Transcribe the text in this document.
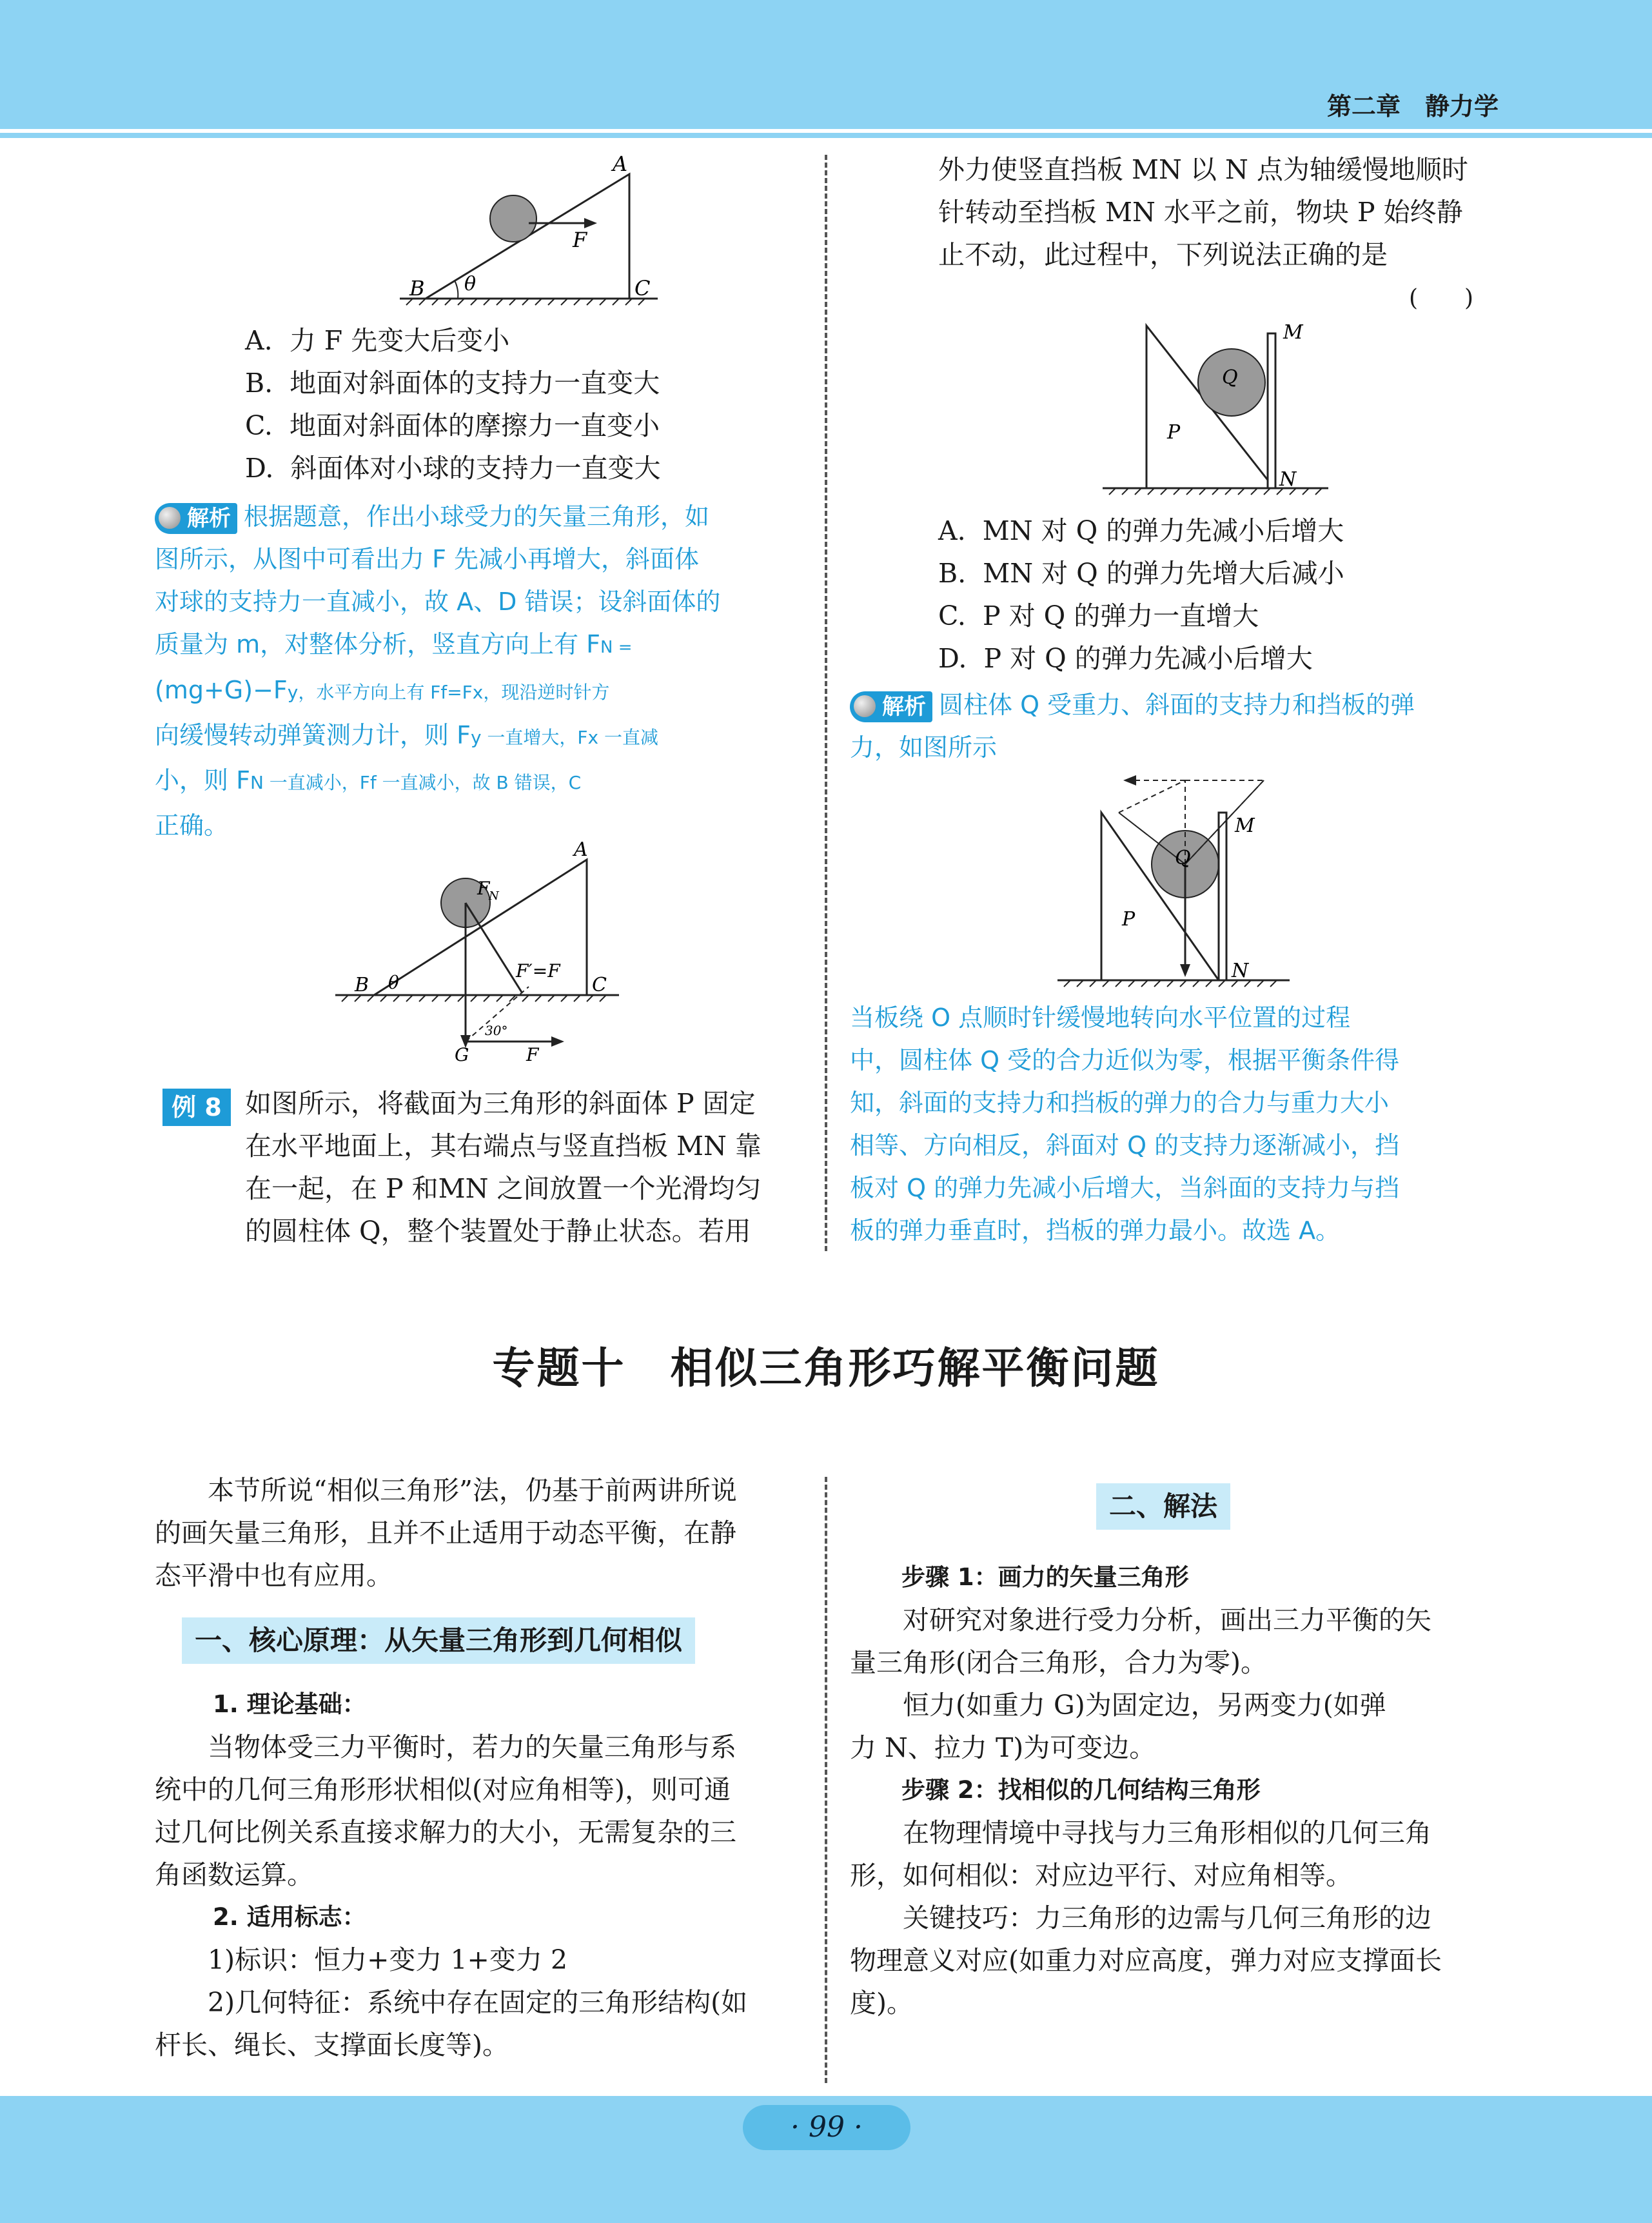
第二章　静力学
· 99 ·
A
B	C
F
θ
A.  力 F 先变大后变小
B.  地面对斜面体的支持力一直变大
C.  地面对斜面体的摩擦力一直变小
D.  斜面体对小球的支持力一直变大
解析 根据题意，作出小球受力的矢量三角形，如
图所示，从图中可看出力 F 先减小再增大，斜面体
对球的支持力一直减小，故 A、D 错误；设斜面体的
质量为 m，对整体分析，竖直方向上有 FN =
(mg+G)−Fy，水平方向上有 Ff=Fx，现沿逆时针方
向缓慢转动弹簧测力计，则 Fy 一直增大，Fx 一直减
小，则 FN 一直减小，Ff 一直减小，故 B 错误，C
正确。
F
N
A
B	C
θ
F′=F
G	F
30°
例 8 如图所示，将截面为三角形的斜面体 P 固定
在水平地面上，其右端点与竖直挡板 MN 靠
在一起，在 P 和MN 之间放置一个光滑均匀
的圆柱体 Q，整个装置处于静止状态。若用
外力使竖直挡板 MN 以 N 点为轴缓慢地顺时
针转动至挡板 MN 水平之前，物块 P 始终静
止不动，此过程中，下列说法正确的是
(　　)
M
N
P
Q
A.  MN 对 Q 的弹力先减小后增大
B.  MN 对 Q 的弹力先增大后减小
C.  P 对 Q 的弹力一直增大
D.  P 对 Q 的弹力先减小后增大
解析 圆柱体 Q 受重力、斜面的支持力和挡板的弹
力，如图所示
M
N
P
Q
当板绕 O 点顺时针缓慢地转向水平位置的过程
中，圆柱体 Q 受的合力近似为零，根据平衡条件得
知，斜面的支持力和挡板的弹力的合力与重力大小
相等、方向相反，斜面对 Q 的支持力逐渐减小，挡
板对 Q 的弹力先减小后增大，当斜面的支持力与挡
板的弹力垂直时，挡板的弹力最小。故选 A。
专题十　相似三角形巧解平衡问题
本节所说“相似三角形”法，仍基于前两讲所说
的画矢量三角形，且并不止适用于动态平衡，在静
态平滑中也有应用。
一、核心原理：从矢量三角形到几何相似
1. 理论基础：
当物体受三力平衡时，若力的矢量三角形与系
统中的几何三角形形状相似(对应角相等)，则可通
过几何比例关系直接求解力的大小，无需复杂的三
角函数运算。
2. 适用标志：
1)标识：恒力+变力 1+变力 2
2)几何特征：系统中存在固定的三角形结构(如
杆长、绳长、支撑面长度等)。
二、解法
步骤 1：画力的矢量三角形
对研究对象进行受力分析，画出三力平衡的矢
量三角形(闭合三角形，合力为零)。
恒力(如重力 G)为固定边，另两变力(如弹
力 N、拉力 T)为可变边。
步骤 2：找相似的几何结构三角形
在物理情境中寻找与力三角形相似的几何三角
形，如何相似：对应边平行、对应角相等。
关键技巧：力三角形的边需与几何三角形的边
物理意义对应(如重力对应高度，弹力对应支撑面长
度)。
